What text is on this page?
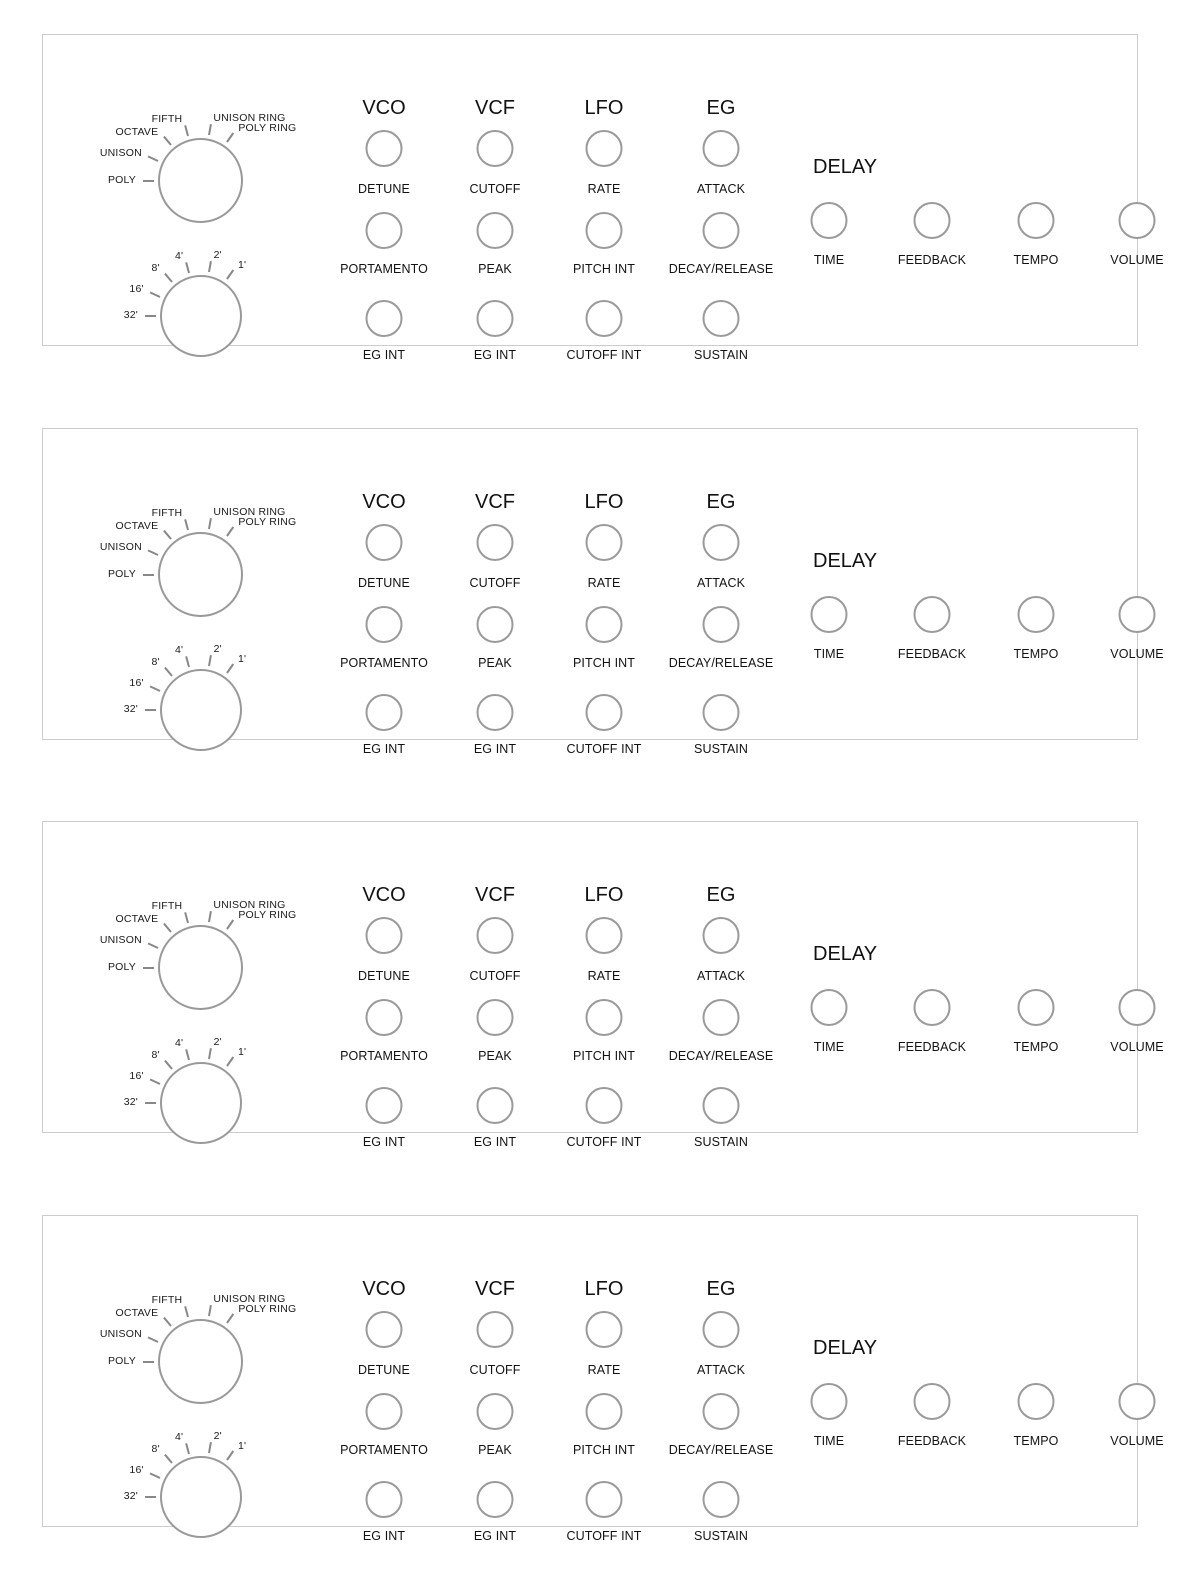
POLY
UNISON
OCTAVE
FIFTH	UNISON RING
POLY RING
32'
16'
8'
4'	2'
1'
VCO
DETUNE
PORTAMENTO
EG INT
VCF
CUTOFF
PEAK
EG INT
LFO
RATE
PITCH INT
CUTOFF INT
EG
ATTACK
DECAY/RELEASE
SUSTAIN
DELAY
TIME	FEEDBACK	TEMPO	VOLUME
POLY
UNISON
OCTAVE
FIFTH	UNISON RING
POLY RING
32'
16'
8'
4'	2'
1'
VCO
DETUNE
PORTAMENTO
EG INT
VCF
CUTOFF
PEAK
EG INT
LFO
RATE
PITCH INT
CUTOFF INT
EG
ATTACK
DECAY/RELEASE
SUSTAIN
DELAY
TIME	FEEDBACK	TEMPO	VOLUME
POLY
UNISON
OCTAVE
FIFTH	UNISON RING
POLY RING
32'
16'
8'
4'	2'
1'
VCO
DETUNE
PORTAMENTO
EG INT
VCF
CUTOFF
PEAK
EG INT
LFO
RATE
PITCH INT
CUTOFF INT
EG
ATTACK
DECAY/RELEASE
SUSTAIN
DELAY
TIME	FEEDBACK	TEMPO	VOLUME
POLY
UNISON
OCTAVE
FIFTH	UNISON RING
POLY RING
32'
16'
8'
4'	2'
1'
VCO
DETUNE
PORTAMENTO
EG INT
VCF
CUTOFF
PEAK
EG INT
LFO
RATE
PITCH INT
CUTOFF INT
EG
ATTACK
DECAY/RELEASE
SUSTAIN
DELAY
TIME	FEEDBACK	TEMPO	VOLUME
